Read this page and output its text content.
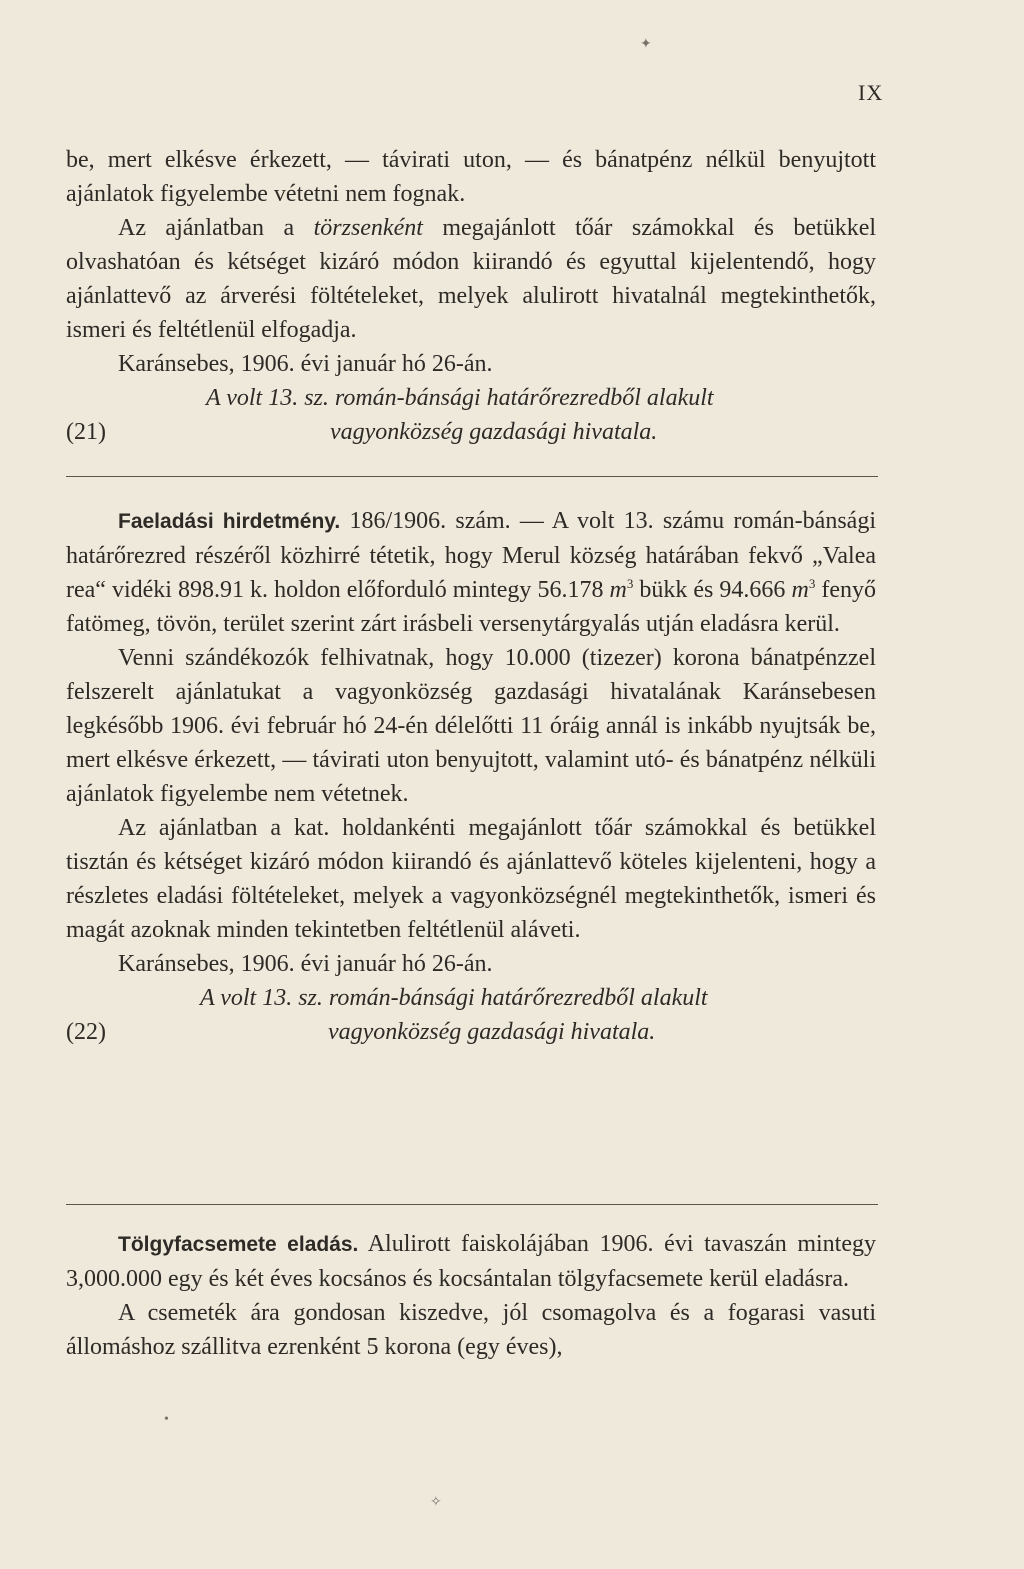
✦
IX

be, mert elkésve érkezett, — távirati uton, — és bánatpénz nélkül benyujtott ajánlatok figyelembe vétetni nem fognak.

Az ajánlatban a törzsenként megajánlott tőár számokkal és betükkel olvashatóan és kétséget kizáró módon kiirandó és egyuttal kijelentendő, hogy ajánlattevő az árverési föltételeket, melyek alulirott hivatalnál megtekinthetők, ismeri és feltétlenül elfogadja.

Karánsebes, 1906. évi január hó 26-án.

A volt 13. sz. román-bánsági határőrezredből alakult
(21)	vagyonközség gazdasági hivatala.

Faeladási hirdetmény. 186/1906. szám. — A volt 13. számu román-bánsági határőrezred részéről közhirré tétetik, hogy Merul község határában fekvő „Valea rea“ vidéki 898.91 k. holdon előforduló mintegy 56.178 $m^3$ bükk és 94.666 $m^3$ fenyő fatömeg, tövön, terület szerint zárt irásbeli versenytárgyalás utján eladásra kerül.

Venni szándékozók felhivatnak, hogy 10.000 (tizezer) korona bánatpénzzel felszerelt ajánlatukat a vagyonközség gazdasági hivatalának Karánsebesen legkésőbb 1906. évi február hó 24-én délelőtti 11 óráig annál is inkább nyujtsák be, mert elkésve érkezett, — távirati uton benyujtott, valamint utó- és bánatpénz nélküli ajánlatok figyelembe nem vétetnek.

Az ajánlatban a kat. holdankénti megajánlott tőár számokkal és betükkel tisztán és kétséget kizáró módon kiirandó és ajánlattevő köteles kijelenteni, hogy a részletes eladási föltételeket, melyek a vagyonközségnél megtekinthetők, ismeri és magát azoknak minden tekintetben feltétlenül aláveti.

Karánsebes, 1906. évi január hó 26-án.

A volt 13. sz. román-bánsági határőrezredből alakult
(22)	vagyonközség gazdasági hivatala.

Tölgyfacsemete eladás. Alulirott faiskolájában 1906. évi tavaszán mintegy 3,000.000 egy és két éves kocsános és kocsántalan tölgyfacsemete kerül eladásra.

A csemeték ára gondosan kiszedve, jól csomagolva és a fogarasi vasuti állomáshoz szállitva ezrenként 5 korona (egy éves),

•
✧
